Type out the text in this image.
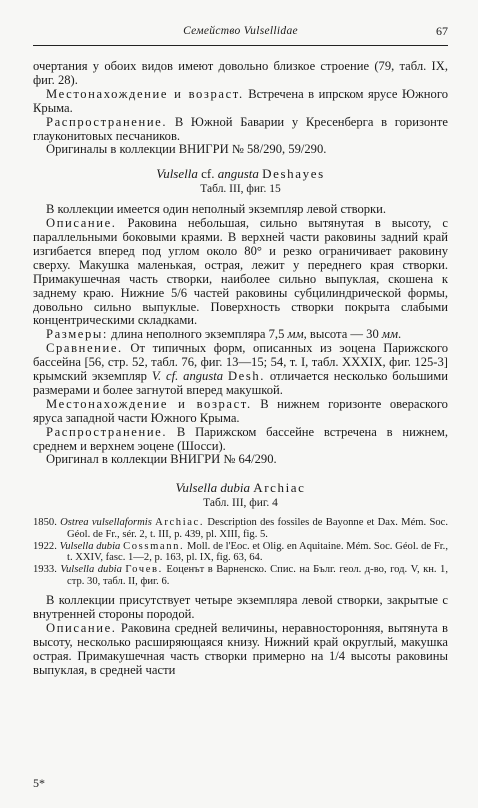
Семейство Vulsellidae	67

очертания у обоих видов имеют довольно близкое строение (79, табл. IX, фиг. 28).

Местонахождение и возраст. Встречена в ипрском ярусе Южного Крыма.

Распространение. В Южной Баварии у Кресенберга в горизонте глауконитовых песчаников.

Оригиналы в коллекции ВНИГРИ № 58/290, 59/290.

Vulsella cf. angusta Deshayes
Табл. III, фиг. 15

В коллекции имеется один неполный экземпляр левой створки.

Описание. Раковина небольшая, сильно вытянутая в высоту, с параллельными боковыми краями. В верхней части раковины задний край изгибается вперед под углом около 80° и резко ограничивает раковину сверху. Макушка маленькая, острая, лежит у переднего края створки. Примакушечная часть створки, наиболее сильно выпуклая, скошена к заднему краю. Нижние 5/6 частей раковины субцилиндрической формы, довольно сильно выпуклые. Поверхность створки покрыта слабыми концентрическими складками.

Размеры: длина неполного экземпляра 7,5 мм, высота — 30 мм.

Сравнение. От типичных форм, описанных из эоцена Парижского бассейна [56, стр. 52, табл. 76, фиг. 13—15; 54, т. I, табл. XXXIX, фиг. 125-3] крымский экземпляр V. cf. angusta Desh. отличается несколько большими размерами и более загнутой вперед макушкой.

Местонахождение и возраст. В нижнем горизонте овераского яруса западной части Южного Крыма.

Распространение. В Парижском бассейне встречена в нижнем, среднем и верхнем эоцене (Шосси).

Оригинал в коллекции ВНИГРИ № 64/290.

Vulsella dubia Archiac
Табл. III, фиг. 4

1850. Ostrea vulsellaformis Archiac. Description des fossiles de Bayonne et Dax. Mém. Soc. Géol. de Fr., sér. 2, t. III, p. 439, pl. XIII, fig. 5.

1922. Vulsella dubia Cossmann. Moll. de l'Eoc. et Olig. en Aquitaine. Mém. Soc. Géol. de Fr., t. XXIV, fasc. 1—2, p. 163, pl. IX, fig. 63, 64.

1933. Vulsella dubia Гочев. Еоценът в Варненско. Спис. на Бълг. геол. д-во, год. V, кн. 1, стр. 30, табл. II, фиг. 6.

В коллекции присутствует четыре экземпляра левой створки, закрытые с внутренней стороны породой.

Описание. Раковина средней величины, неравносторонняя, вытянута в высоту, несколько расширяющаяся книзу. Нижний край округлый, макушка острая. Примакушечная часть створки примерно на 1/4 высоты раковины выпуклая, в средней части

5*
